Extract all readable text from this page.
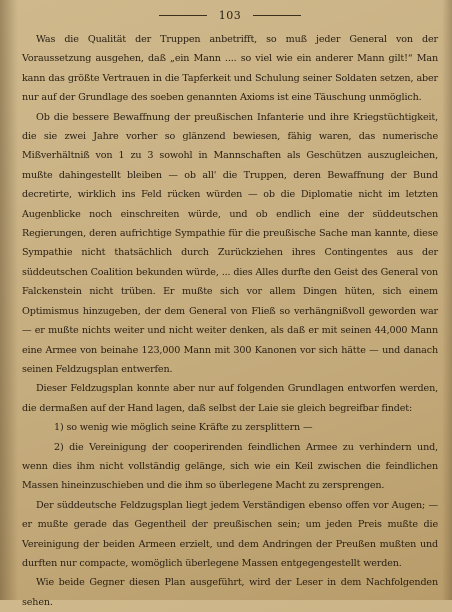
103

Was die Qualität der Truppen anbetrifft, so muß jeder General von der Voraussetzung ausgehen, daß „ein Mann .... so viel wie ein anderer Mann gilt!“ Man kann das größte Vertrauen in die Tapferkeit und Schulung seiner Soldaten setzen, aber nur auf der Grundlage des soeben genannten Axioms ist eine Täuschung unmöglich.

Ob die bessere Bewaffnung der preußischen Infanterie und ihre Kriegstüchtigkeit, die sie zwei Jahre vorher so glänzend bewiesen, fähig waren, das numerische Mißverhältniß von 1 zu 3 sowohl in Mannschaften als Geschützen auszugleichen, mußte dahingestellt bleiben — ob all' die Truppen, deren Bewaffnung der Bund decretirte, wirklich ins Feld rücken würden — ob die Diplomatie nicht im letzten Augenblicke noch einschreiten würde, und ob endlich eine der süddeutschen Regierungen, deren aufrichtige Sympathie für die preußische Sache man kannte, diese Sympathie nicht thatsächlich durch Zurückziehen ihres Contingentes aus der süddeutschen Coalition bekunden würde, ... dies Alles durfte den Geist des General von Falckenstein nicht trüben. Er mußte sich vor allem Dingen hüten, sich einem Optimismus hinzugeben, der dem General von Fließ so verhängnißvoll geworden war — er mußte nichts weiter und nicht weiter denken, als daß er mit seinen 44,000 Mann eine Armee von beinahe 123,000 Mann mit 300 Kanonen vor sich hätte — und danach seinen Feldzugsplan entwerfen.

Dieser Feldzugsplan konnte aber nur auf folgenden Grundlagen entworfen werden, die dermaßen auf der Hand lagen, daß selbst der Laie sie gleich begreifbar findet:

1) so wenig wie möglich seine Kräfte zu zersplittern —

2) die Vereinigung der cooperirenden feindlichen Armee zu verhindern und, wenn dies ihm nicht vollständig gelänge, sich wie ein Keil zwischen die feindlichen Massen hineinzuschieben und die ihm so überlegene Macht zu zersprengen.

Der süddeutsche Feldzugsplan liegt jedem Verständigen ebenso offen vor Augen; — er mußte gerade das Gegentheil der preußischen sein; um jeden Preis mußte die Vereinigung der beiden Armeen erzielt, und dem Andringen der Preußen mußten und durften nur compacte, womöglich überlegene Massen entgegengestellt werden.

Wie beide Gegner diesen Plan ausgeführt, wird der Leser in dem Nachfolgenden sehen.
